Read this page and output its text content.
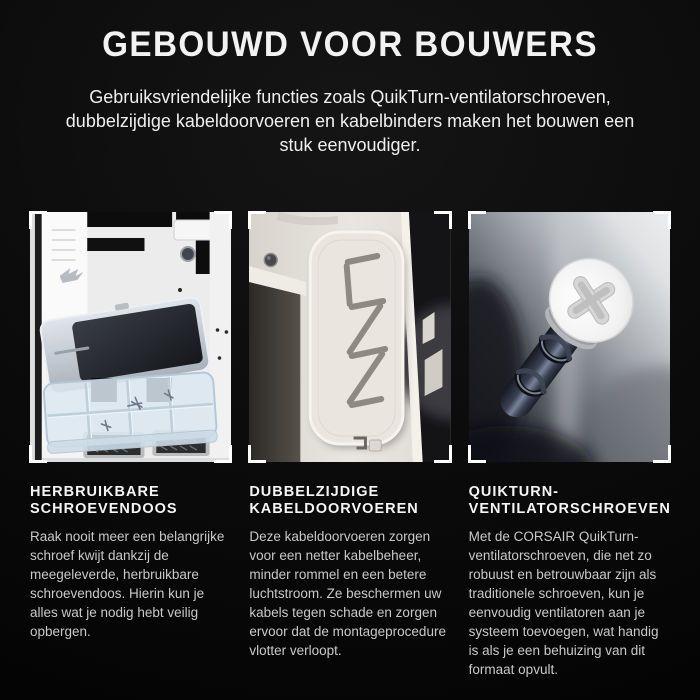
GEBOUWD VOOR BOUWERS

Gebruiksvriendelijke functies zoals QuikTurn-ventilatorschroeven, dubbelzijdige kabeldoorvoeren en kabelbinders maken het bouwen een stuk eenvoudiger.

HERBRUIKBARE SCHROEVENDOOS

Raak nooit meer een belangrijke schroef kwijt dankzij de meegeleverde, herbruikbare schroevendoos. Hierin kun je alles wat je nodig hebt veilig opbergen.

DUBBELZIJDIGE KABELDOORVOEREN

Deze kabeldoorvoeren zorgen voor een netter kabelbeheer, minder rommel en een betere luchtstroom. Ze beschermen uw kabels tegen schade en zorgen ervoor dat de montageprocedure vlotter verloopt.

QUIKTURN-VENTILATORSCHROEVEN

Met de CORSAIR QuikTurn-ventilatorschroeven, die net zo robuust en betrouwbaar zijn als traditionele schroeven, kun je eenvoudig ventilatoren aan je systeem toevoegen, wat handig is als je een behuizing van dit formaat opvult.
